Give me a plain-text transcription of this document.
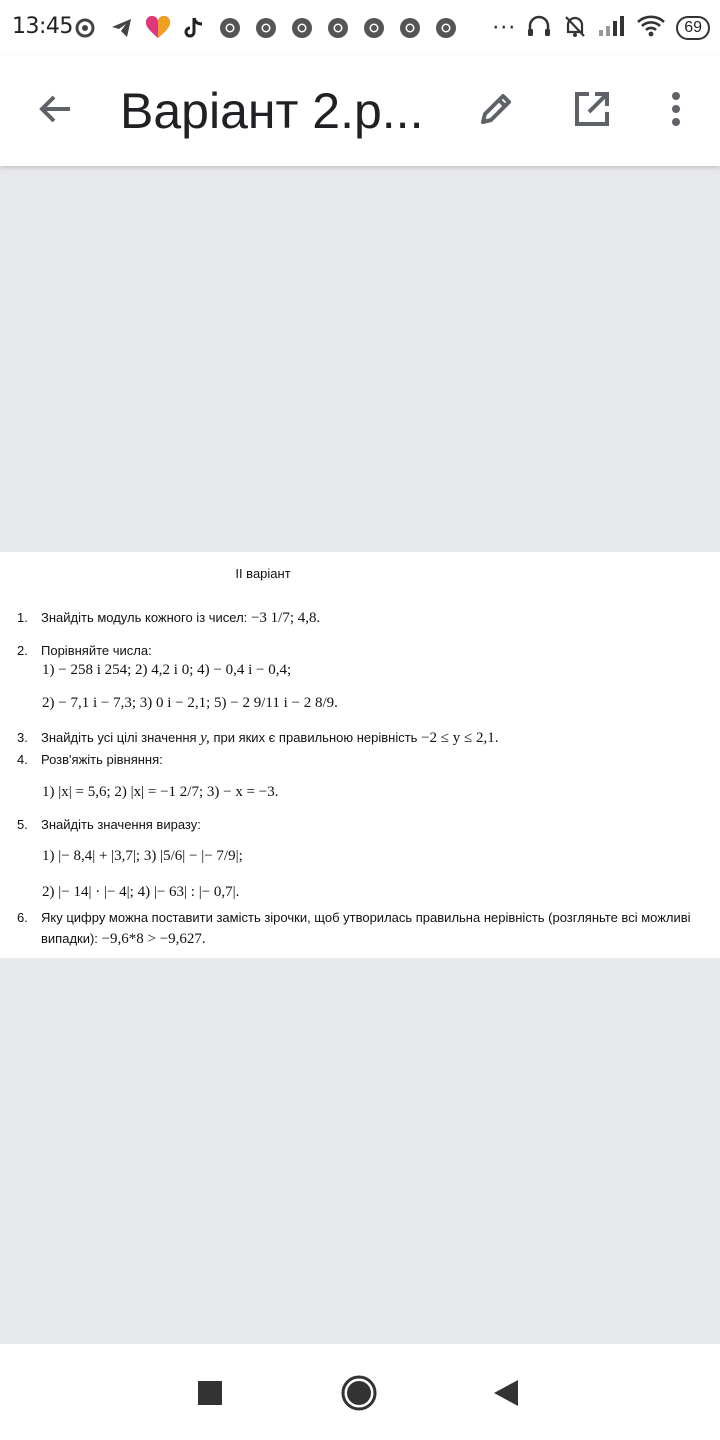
13:45	···	69
Варіант 2.р...
ІІ варіант
1. Знайдіть модуль кожного із чисел: −3 1/7; 4,8.
2. Порівняйте числа:
1) − 258 і 254; 2) 4,2 і 0; 4) − 0,4 і − 0,4;
2) − 7,1 і − 7,3; 3) 0 і − 2,1; 5) − 2 9/11 і − 2 8/9.
3. Знайдіть усі цілі значення y, при яких є правильною нерівність −2 ≤ y ≤ 2,1.
4. Розв'яжіть рівняння:
1) |x| = 5,6; 2) |x| = −1 2/7; 3) − x = −3.
5. Знайдіть значення виразу:
1) |− 8,4| + |3,7|; 3) |5/6| − |− 7/9|;
2) |− 14| · |− 4|; 4) |− 63| : |− 0,7|.
6. Яку цифру можна поставити замість зірочки, щоб утворилась правильна нерівність (розгляньте всі можливі
випадки): −9,6*8 > −9,627.
